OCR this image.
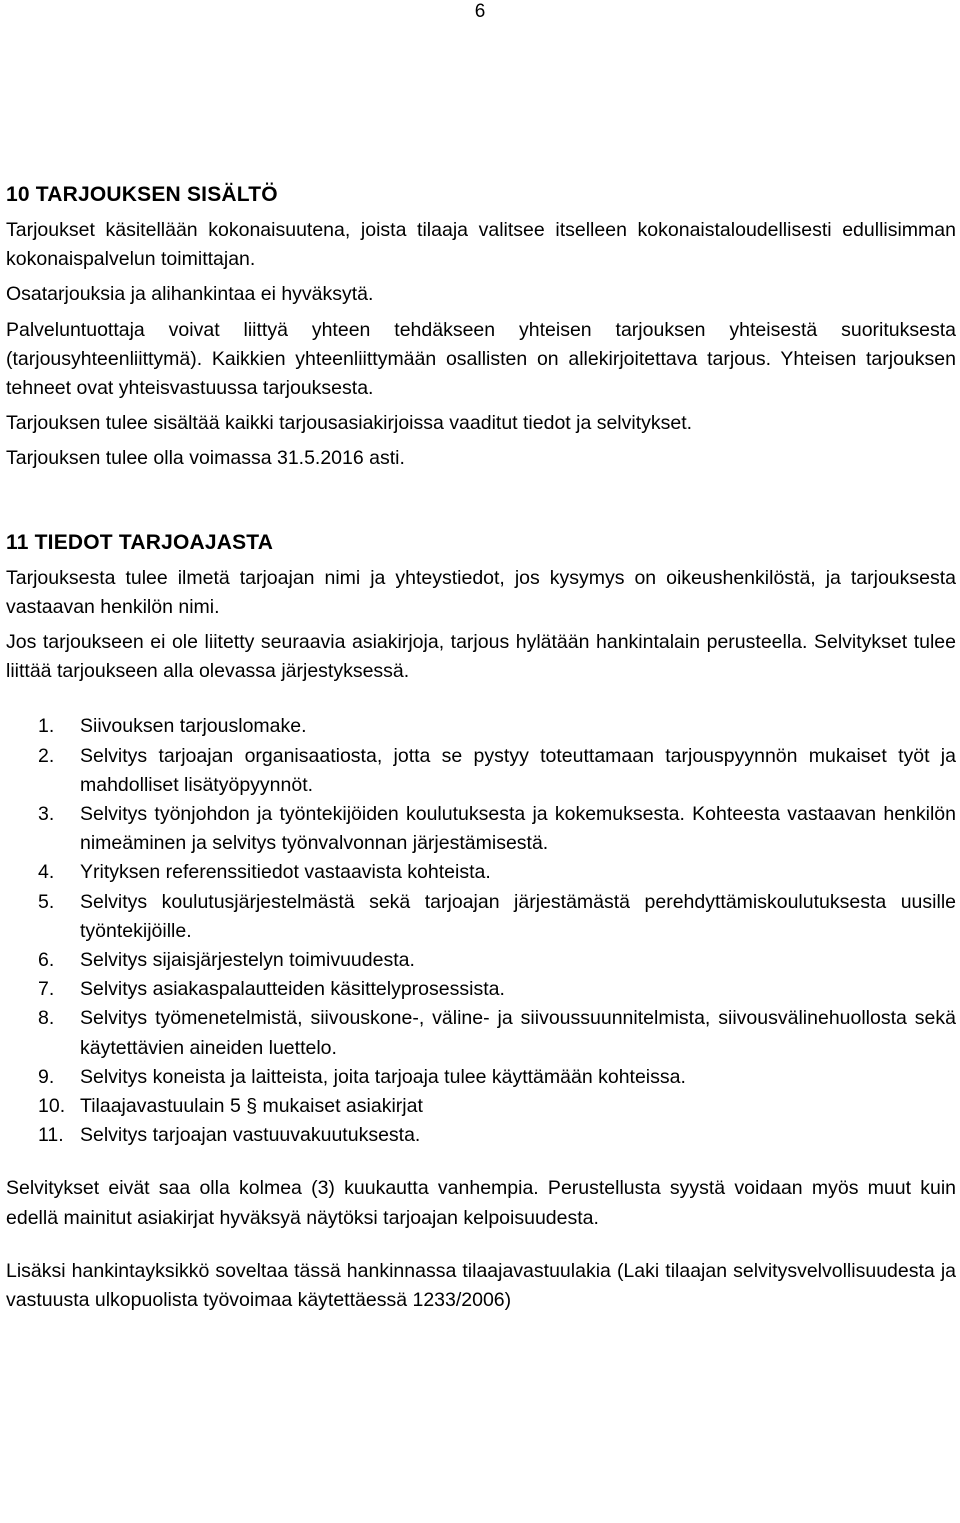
6
10 TARJOUKSEN SISÄLTÖ

Tarjoukset käsitellään kokonaisuutena, joista tilaaja valitsee itselleen kokonaistaloudellisesti edullisimman kokonaispalvelun toimittajan.

Osatarjouksia ja alihankintaa ei hyväksytä.

Palveluntuottaja voivat liittyä yhteen tehdäkseen yhteisen tarjouksen yhteisestä suorituksesta (tarjousyhteenliittymä). Kaikkien yhteenliittymään osallisten on allekirjoitettava tarjous. Yhteisen tarjouksen tehneet ovat yhteisvastuussa tarjouksesta.

Tarjouksen tulee sisältää kaikki tarjousasiakirjoissa vaaditut tiedot ja selvitykset.

Tarjouksen tulee olla voimassa 31.5.2016 asti.

11 TIEDOT TARJOAJASTA

Tarjouksesta tulee ilmetä tarjoajan nimi ja yhteystiedot, jos kysymys on oikeushenkilöstä, ja tarjouksesta vastaavan henkilön nimi.

Jos tarjoukseen ei ole liitetty seuraavia asiakirjoja, tarjous hylätään hankintalain perusteella. Selvitykset tulee liittää tarjoukseen alla olevassa järjestyksessä.

1. Siivouksen tarjouslomake.
2. Selvitys tarjoajan organisaatiosta, jotta se pystyy toteuttamaan tarjouspyynnön mukaiset työt ja mahdolliset lisätyöpyynnöt.
3. Selvitys työnjohdon ja työntekijöiden koulutuksesta ja kokemuksesta. Kohteesta vastaavan henkilön nimeäminen ja selvitys työnvalvonnan järjestämisestä.
4. Yrityksen referenssitiedot vastaavista kohteista.
5. Selvitys koulutusjärjestelmästä sekä tarjoajan järjestämästä perehdyttämiskoulutuksesta uusille työntekijöille.
6. Selvitys sijaisjärjestelyn toimivuudesta.
7. Selvitys asiakaspalautteiden käsittelyprosessista.
8. Selvitys työmenetelmistä, siivouskone-, väline- ja siivoussuunnitelmista, siivousvälinehuollosta sekä käytettävien aineiden luettelo.
9. Selvitys koneista ja laitteista, joita tarjoaja tulee käyttämään kohteissa.
10. Tilaajavastuulain 5 § mukaiset asiakirjat
11. Selvitys tarjoajan vastuuvakuutuksesta.

Selvitykset eivät saa olla kolmea (3) kuukautta vanhempia. Perustellusta syystä voidaan myös muut kuin edellä mainitut asiakirjat hyväksyä näytöksi tarjoajan kelpoisuudesta.

Lisäksi hankintayksikkö soveltaa tässä hankinnassa tilaajavastuulakia (Laki tilaajan selvitysvelvollisuudesta ja vastuusta ulkopuolista työvoimaa käytettäessä 1233/2006)
